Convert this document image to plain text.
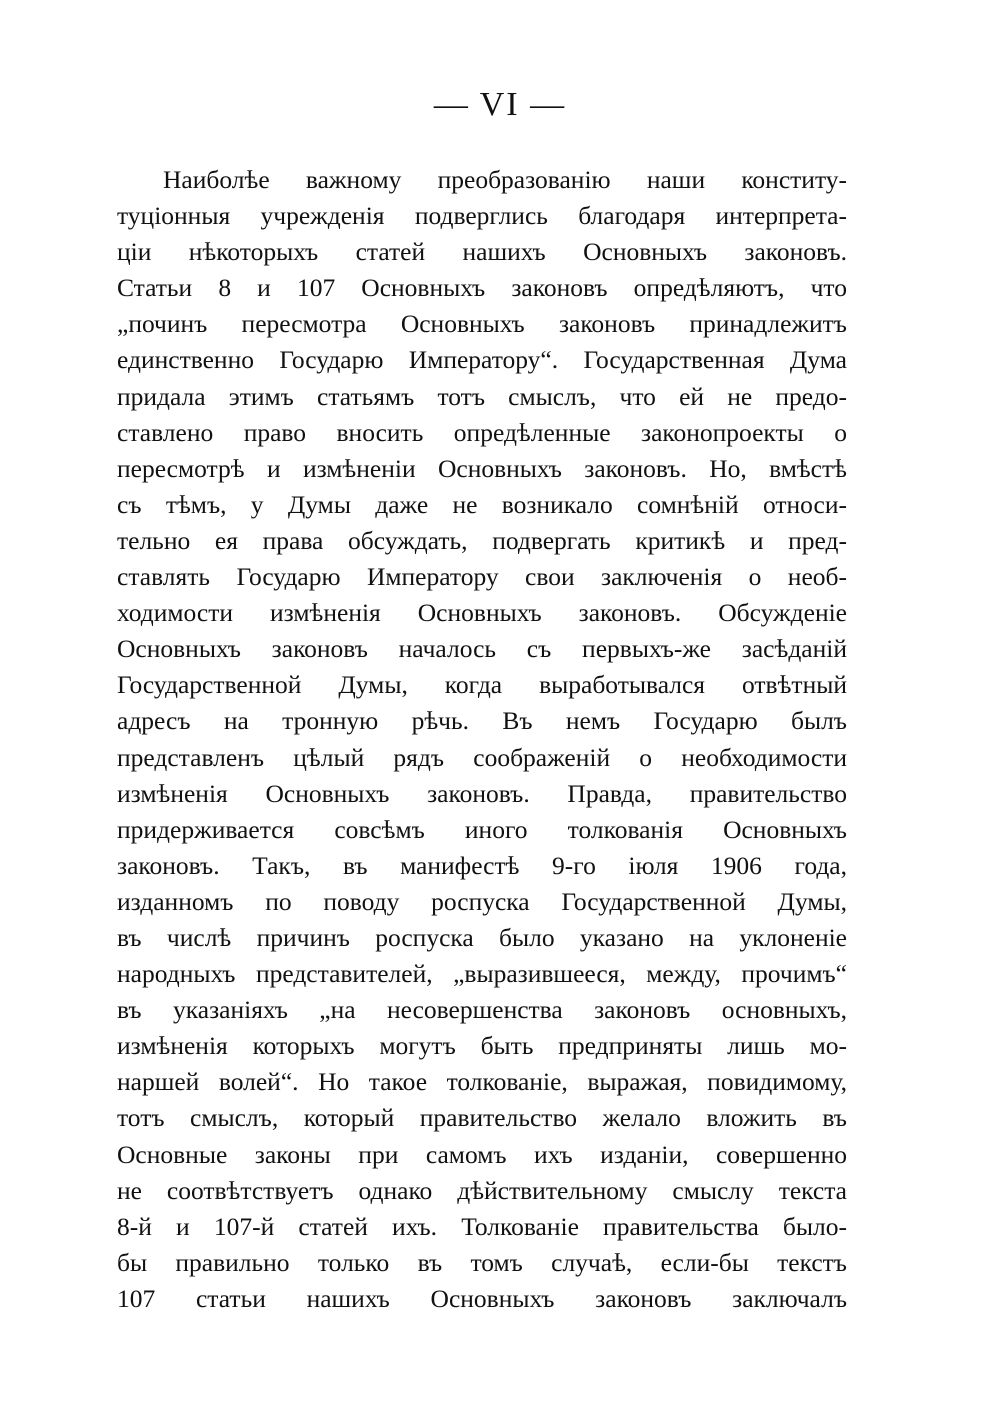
— VI —
Наиболѣе важному преобразованію наши конститу-
туціонныя учрежденія подверглись благодаря интерпрета-
ціи нѣкоторыхъ статей нашихъ Основныхъ законовъ.
Статьи 8 и 107 Основныхъ законовъ опредѣляютъ, что
„починъ пересмотра Основныхъ законовъ принадлежитъ
единственно Государю Императору“. Государственная Дума
придала этимъ статьямъ тотъ смыслъ, что ей не предо-
ставлено право вносить опредѣленные законопроекты о
пересмотрѣ и измѣненіи Основныхъ законовъ. Но, вмѣстѣ
съ тѣмъ, у Думы даже не возникало сомнѣній относи-
тельно ея права обсуждать, подвергать критикѣ и пред-
ставлять Государю Императору свои заключенія о необ-
ходимости измѣненія Основныхъ законовъ. Обсужденіе
Основныхъ законовъ началось съ первыхъ-же засѣданій
Государственной Думы, когда выработывался отвѣтный
адресъ на тронную рѣчь. Въ немъ Государю былъ
представленъ цѣлый рядъ соображеній о необходимости
измѣненія Основныхъ законовъ. Правда, правительство
придерживается совсѣмъ иного толкованія Основныхъ
законовъ. Такъ, въ манифестѣ 9-го іюля 1906 года,
изданномъ по поводу роспуска Государственной Думы,
въ числѣ причинъ роспуска было указано на уклоненіе
народныхъ представителей, „выразившееся, между, прочимъ“
въ указаніяхъ „на несовершенства законовъ основныхъ,
измѣненія которыхъ могутъ быть предприняты лишь мо-
наршей волей“. Но такое толкованіе, выражая, повидимому,
тотъ смыслъ, который правительство желало вложить въ
Основные законы при самомъ ихъ изданіи, совершенно
не соотвѣтствуетъ однако дѣйствительному смыслу текста
8-й и 107-й статей ихъ. Толкованіе правительства было-
бы правильно только въ томъ случаѣ, если-бы текстъ
107 статьи нашихъ Основныхъ законовъ заключалъ
